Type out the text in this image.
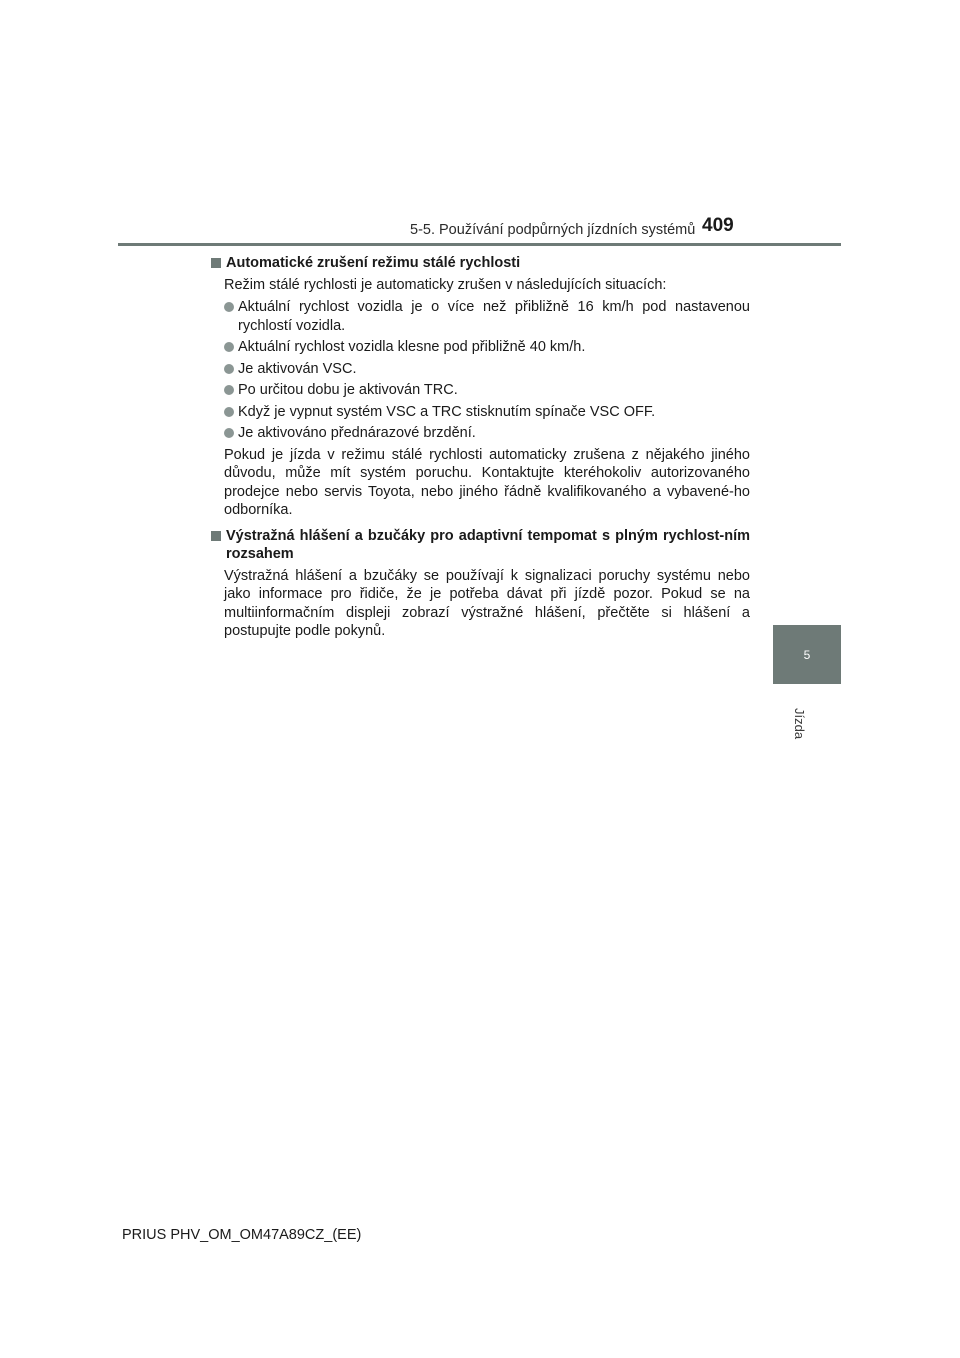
5-5. Používání podpůrných jízdních systémů 409
5
Jízda
Automatické zrušení režimu stálé rychlosti

Režim stálé rychlosti je automaticky zrušen v následujících situacích:

Aktuální rychlost vozidla je o více než přibližně 16 km/h pod nastavenou rychlostí vozidla.
Aktuální rychlost vozidla klesne pod přibližně 40 km/h.
Je aktivován VSC.
Po určitou dobu je aktivován TRC.
Když je vypnut systém VSC a TRC stisknutím spínače VSC OFF.
Je aktivováno přednárazové brzdění.

Pokud je jízda v režimu stálé rychlosti automaticky zrušena z nějakého jiného důvodu, může mít systém poruchu. Kontaktujte kteréhokoliv autorizovaného prodejce nebo servis Toyota, nebo jiného řádně kvalifikovaného a vybavené-ho odborníka.

Výstražná hlášení a bzučáky pro adaptivní tempomat s plným rychlost-ním rozsahem

Výstražná hlášení a bzučáky se používají k signalizaci poruchy systému nebo jako informace pro řidiče, že je potřeba dávat při jízdě pozor. Pokud se na multiinformačním displeji zobrazí výstražné hlášení, přečtěte si hlášení a postupujte podle pokynů.

PRIUS PHV_OM_OM47A89CZ_(EE)
